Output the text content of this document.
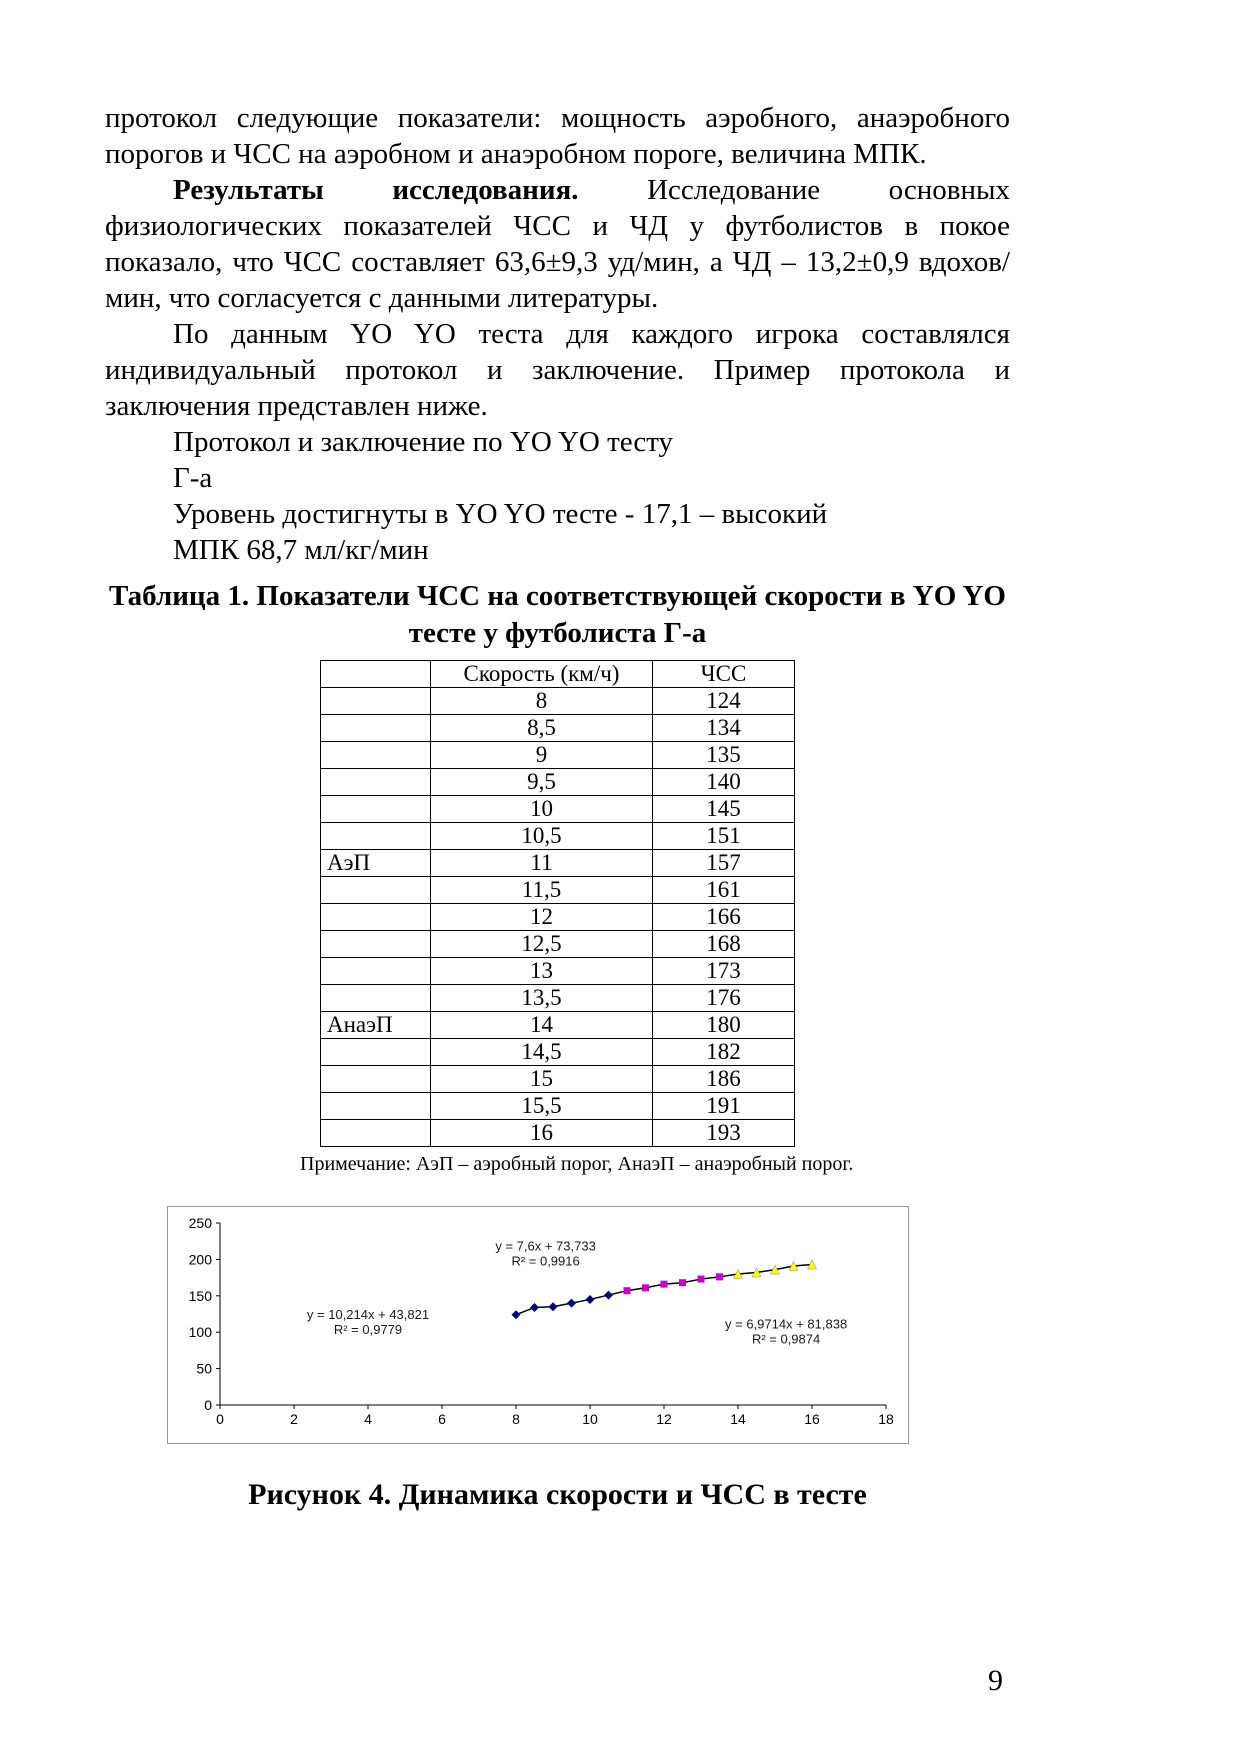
протокол следующие показатели: мощность аэробного, анаэробного порогов и ЧСС на аэробном и анаэробном пороге, величина МПК.

Результаты исследования. Исследование основных физиологических показателей ЧСС и ЧД у футболистов в покое показало, что ЧСС составляет 63,6±9,3 уд/мин, а ЧД – 13,2±0,9 вдохов/мин, что согласуется с данными литературы.

По данным YO YO теста для каждого игрока составлялся индивидуальный протокол и заключение. Пример протокола и заключения представлен ниже.

Протокол и заключение по YO YO тесту

Г-а

Уровень достигнуты в YO YO тесте - 17,1 – высокий

МПК 68,7 мл/кг/мин

Таблица 1. Показатели ЧСС на соответствующей скорости в YO YO тесте у футболиста Г-а
	Скорость (км/ч)	ЧСС
	8	124
	8,5	134
	9	135
	9,5	140
	10	145
	10,5	151
АэП	11	157
	11,5	161
	12	166
	12,5	168
	13	173
	13,5	176
АнаэП	14	180
	14,5	182
	15	186
	15,5	191
	16	193
Примечание: АэП – аэробный порог, АнаэП – анаэробный порог.
0	2	4	6	8	10	12	14	16	18
0
50
100
150
200
250
y = 7,6x + 73,733 R² = 0,9916
y = 10,214x + 43,821 R² = 0,9779	y = 6,9714x + 81,838 R² = 0,9874
Рисунок 4. Динамика скорости и ЧСС в тесте
9
